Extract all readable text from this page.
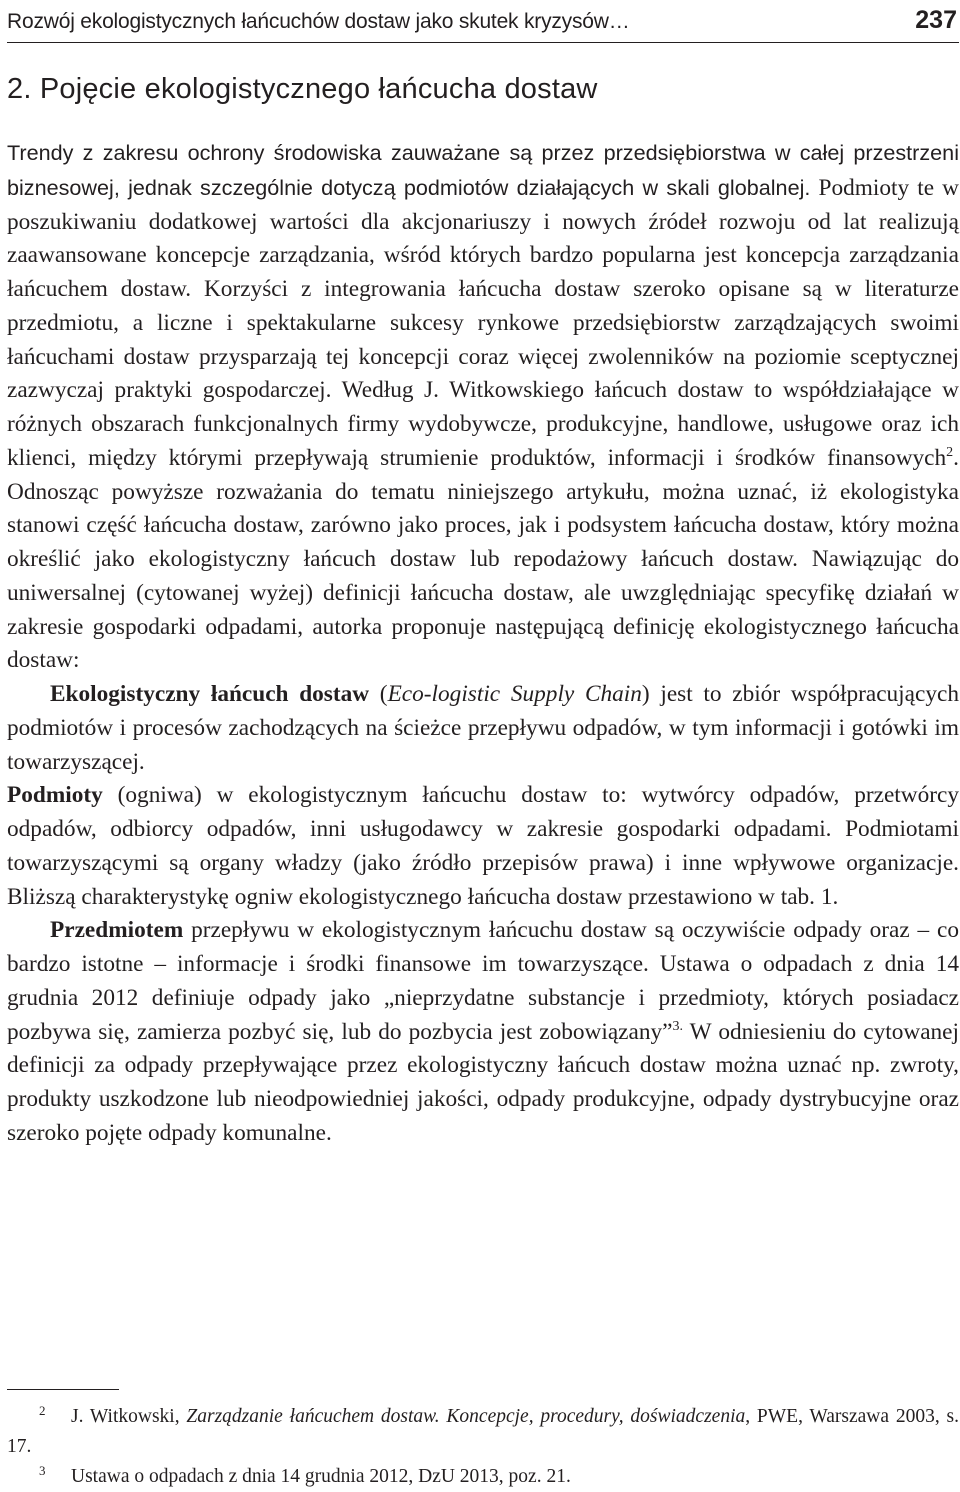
Rozwój ekologistycznych łańcuchów dostaw jako skutek kryzysów…	237
2. Pojęcie ekologistycznego łańcucha dostaw

Trendy z zakresu ochrony środowiska zauważane są przez przedsiębiorstwa w całej przestrzeni biznesowej, jednak szczególnie dotyczą podmiotów działających w skali globalnej. Podmioty te w poszukiwaniu dodatkowej wartości dla akcjonariuszy i nowych źródeł rozwoju od lat realizują zaawansowane koncepcje zarządzania, wśród których bardzo popularna jest koncepcja zarządzania łańcuchem dostaw. Korzyści z integrowania łańcucha dostaw szeroko opisane są w literaturze przedmiotu, a liczne i spektakularne sukcesy rynkowe przedsiębiorstw zarządzających swoimi łańcuchami dostaw przysparzają tej koncepcji coraz więcej zwolenników na poziomie sceptycznej zazwyczaj praktyki gospodarczej. Według J. Witkowskiego łańcuch dostaw to współdziałające w różnych obszarach funkcjonalnych firmy wydobywcze, produkcyjne, handlowe, usługowe oraz ich klienci, między którymi przepływają strumienie produktów, informacji i środków finansowych$^2$. Odnosząc powyższe rozważania do tematu niniejszego artykułu, można uznać, iż ekologistyka stanowi część łańcucha dostaw, zarówno jako proces, jak i podsystem łańcucha dostaw, który można określić jako ekologistyczny łańcuch dostaw lub repodażowy łańcuch dostaw. Nawiązując do uniwersalnej (cytowanej wyżej) definicji łańcucha dostaw, ale uwzględniając specyfikę działań w zakresie gospodarki odpadami, autorka proponuje następującą definicję ekologistycznego łańcucha dostaw:

Ekologistyczny łańcuch dostaw (Eco-logistic Supply Chain) jest to zbiór współpracujących podmiotów i procesów zachodzących na ścieżce przepływu odpadów, w tym informacji i gotówki im towarzyszącej.

Podmioty (ogniwa) w ekologistycznym łańcuchu dostaw to: wytwórcy odpadów, przetwórcy odpadów, odbiorcy odpadów, inni usługodawcy w zakresie gospodarki odpadami. Podmiotami towarzyszącymi są organy władzy (jako źródło przepisów prawa) i inne wpływowe organizacje. Bliższą charakterystykę ogniw ekologistycznego łańcucha dostaw przestawiono w tab. 1.

Przedmiotem przepływu w ekologistycznym łańcuchu dostaw są oczywiście odpady oraz – co bardzo istotne – informacje i środki finansowe im towarzyszące. Ustawa o odpadach z dnia 14 grudnia 2012 definiuje odpady jako „nieprzydatne substancje i przedmioty, których posiadacz pozbywa się, zamierza pozbyć się, lub do pozbycia jest zobowiązany”$^{3.}$ W odniesieniu do cytowanej definicji za odpady przepływające przez ekologistyczny łańcuch dostaw można uznać np. zwroty, produkty uszkodzone lub nieodpowiedniej jakości, odpady produkcyjne, odpady dystrybucyjne oraz szeroko pojęte odpady komunalne.

$^2$ J. Witkowski, Zarządzanie łańcuchem dostaw. Koncepcje, procedury, doświadczenia, PWE, Warszawa 2003, s. 17.

$^3$ Ustawa o odpadach z dnia 14 grudnia 2012, DzU 2013, poz. 21.
